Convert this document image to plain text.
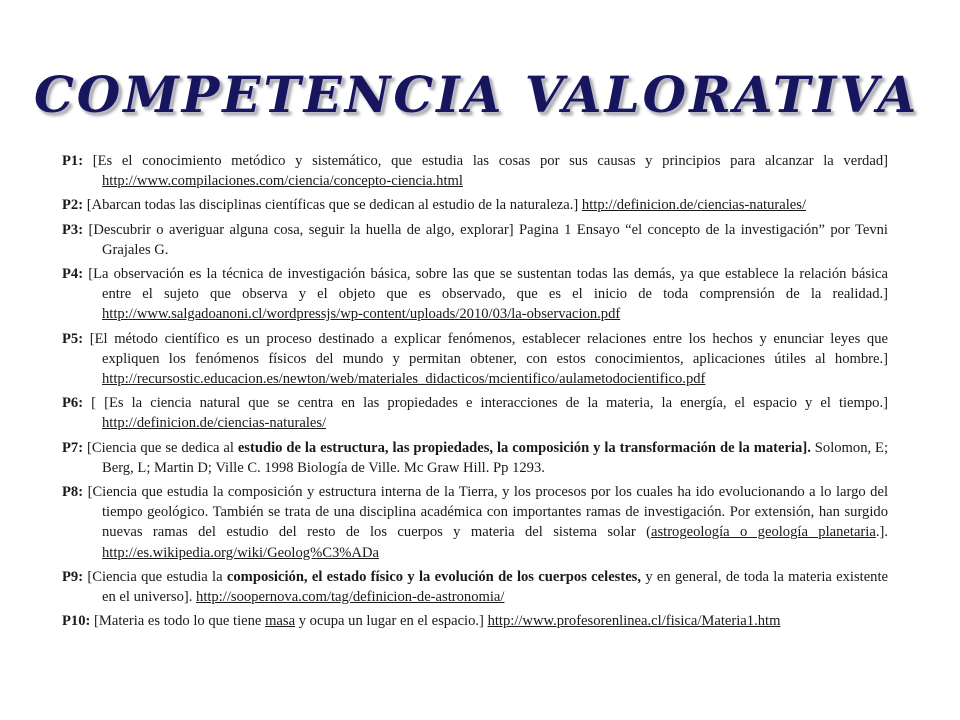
COMPETENCIA VALORATIVA

P1: [Es el conocimiento metódico y sistemático, que estudia las cosas por sus causas y principios para alcanzar la verdad] http://www.compilaciones.com/ciencia/concepto-ciencia.html

P2: [Abarcan todas las disciplinas científicas que se dedican al estudio de la naturaleza.] http://definicion.de/ciencias-naturales/

P3: [Descubrir o averiguar alguna cosa, seguir la huella de algo, explorar] Pagina 1 Ensayo “el concepto de la investigación” por Tevni Grajales G.

P4: [La observación es la técnica de investigación básica, sobre las que se sustentan todas las demás, ya que establece la relación básica entre el sujeto que observa y el objeto que es observado, que es el inicio de toda comprensión de la realidad.] http://www.salgadoanoni.cl/wordpressjs/wp-content/uploads/2010/03/la-observacion.pdf

P5: [El método científico es un proceso destinado a explicar fenómenos, establecer relaciones entre los hechos y enunciar leyes que expliquen los fenómenos físicos del mundo y permitan obtener, con estos conocimientos, aplicaciones útiles al hombre.] http://recursostic.educacion.es/newton/web/materiales_didacticos/mcientifico/aulametodocientifico.pdf

P6: [ [Es la ciencia natural que se centra en las propiedades e interacciones de la materia, la energía, el espacio y el tiempo.] http://definicion.de/ciencias-naturales/

P7: [Ciencia que se dedica al estudio de la estructura, las propiedades, la composición y la transformación de la materia]. Solomon, E; Berg, L; Martin D; Ville C. 1998 Biología de Ville. Mc Graw Hill. Pp 1293.

P8: [Ciencia que estudia la composición y estructura interna de la Tierra, y los procesos por los cuales ha ido evolucionando a lo largo del tiempo geológico. También se trata de una disciplina académica con importantes ramas de investigación. Por extensión, han surgido nuevas ramas del estudio del resto de los cuerpos y materia del sistema solar (astrogeología o geología planetaria.]. http://es.wikipedia.org/wiki/Geolog%C3%ADa

P9: [Ciencia que estudia la composición, el estado físico y la evolución de los cuerpos celestes, y en general, de toda la materia existente en el universo]. http://soopernova.com/tag/definicion-de-astronomia/

P10: [Materia es todo lo que tiene masa y ocupa un lugar en el espacio.] http://www.profesorenlinea.cl/fisica/Materia1.htm
